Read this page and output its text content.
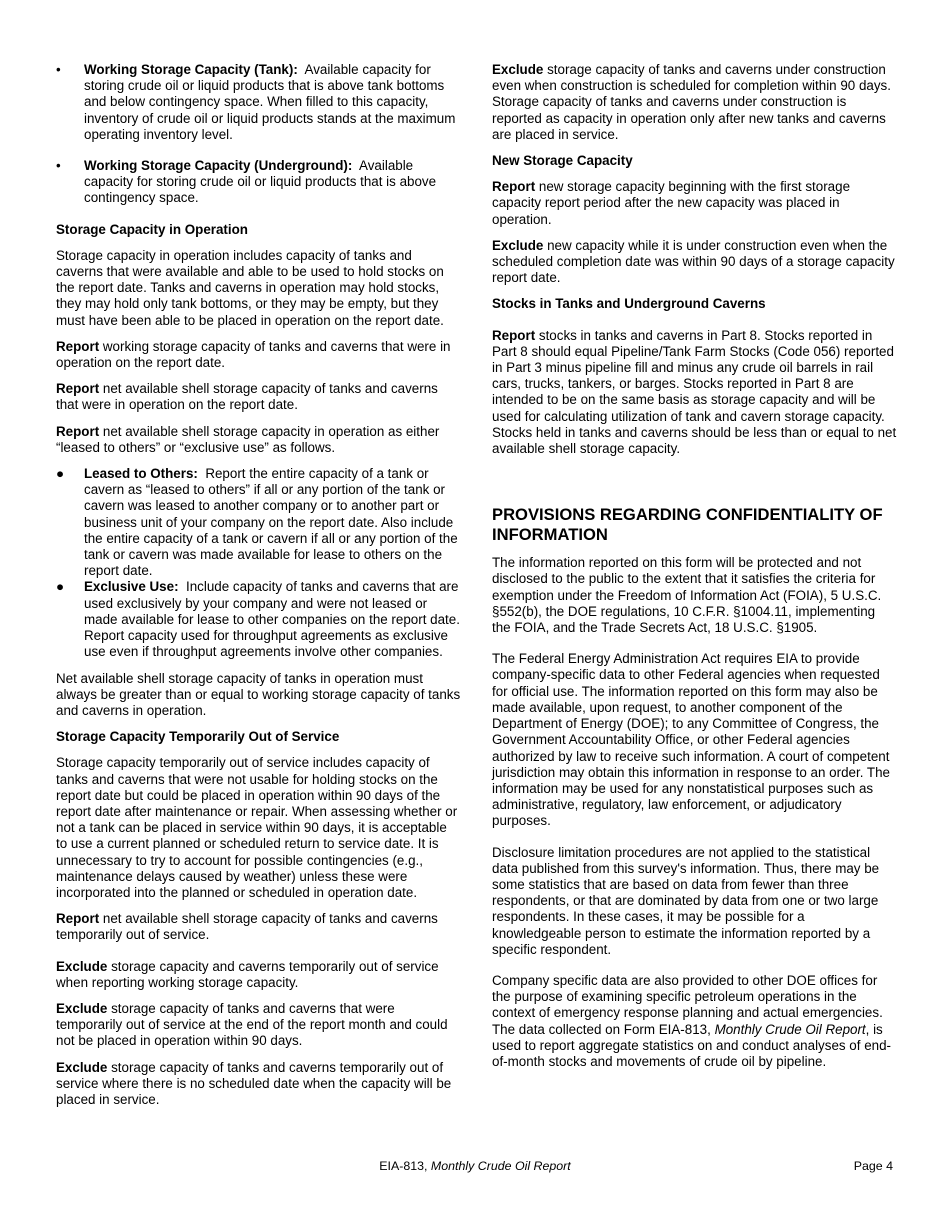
• Working Storage Capacity (Tank): Available capacity for storing crude oil or liquid products that is above tank bottoms and below contingency space. When filled to this capacity, inventory of crude oil or liquid products stands at the maximum operating inventory level.
• Working Storage Capacity (Underground): Available capacity for storing crude oil or liquid products that is above contingency space.
Storage Capacity in Operation

Storage capacity in operation includes capacity of tanks and caverns that were available and able to be used to hold stocks on the report date. Tanks and caverns in operation may hold stocks, they may hold only tank bottoms, or they may be empty, but they must have been able to be placed in operation on the report date.

Report working storage capacity of tanks and caverns that were in operation on the report date.

Report net available shell storage capacity of tanks and caverns that were in operation on the report date.

Report net available shell storage capacity in operation as either “leased to others” or “exclusive use” as follows.

● Leased to Others: Report the entire capacity of a tank or cavern as “leased to others” if all or any portion of the tank or cavern was leased to another company or to another part or business unit of your company on the report date. Also include the entire capacity of a tank or cavern if all or any portion of the tank or cavern was made available for lease to others on the report date.
● Exclusive Use: Include capacity of tanks and caverns that are used exclusively by your company and were not leased or made available for lease to other companies on the report date. Report capacity used for throughput agreements as exclusive use even if throughput agreements involve other companies.

Net available shell storage capacity of tanks in operation must always be greater than or equal to working storage capacity of tanks and caverns in operation.

Storage Capacity Temporarily Out of Service

Storage capacity temporarily out of service includes capacity of tanks and caverns that were not usable for holding stocks on the report date but could be placed in operation within 90 days of the report date after maintenance or repair. When assessing whether or not a tank can be placed in service within 90 days, it is acceptable to use a current planned or scheduled return to service date. It is unnecessary to try to account for possible contingencies (e.g., maintenance delays caused by weather) unless these were incorporated into the planned or scheduled in operation date.

Report net available shell storage capacity of tanks and caverns temporarily out of service.

Exclude storage capacity and caverns temporarily out of service when reporting working storage capacity.

Exclude storage capacity of tanks and caverns that were temporarily out of service at the end of the report month and could not be placed in operation within 90 days.

Exclude storage capacity of tanks and caverns temporarily out of service where there is no scheduled date when the capacity will be placed in service.

Exclude storage capacity of tanks and caverns under construction even when construction is scheduled for completion within 90 days. Storage capacity of tanks and caverns under construction is reported as capacity in operation only after new tanks and caverns are placed in service.

New Storage Capacity

Report new storage capacity beginning with the first storage capacity report period after the new capacity was placed in operation.

Exclude new capacity while it is under construction even when the scheduled completion date was within 90 days of a storage capacity report date.

Stocks in Tanks and Underground Caverns

Report stocks in tanks and caverns in Part 8. Stocks reported in Part 8 should equal Pipeline/Tank Farm Stocks (Code 056) reported in Part 3 minus pipeline fill and minus any crude oil barrels in rail cars, trucks, tankers, or barges. Stocks reported in Part 8 are intended to be on the same basis as storage capacity and will be used for calculating utilization of tank and cavern storage capacity. Stocks held in tanks and caverns should be less than or equal to net available shell storage capacity.

PROVISIONS REGARDING CONFIDENTIALITY OF INFORMATION

The information reported on this form will be protected and not disclosed to the public to the extent that it satisfies the criteria for exemption under the Freedom of Information Act (FOIA), 5 U.S.C. §552(b), the DOE regulations, 10 C.F.R. §1004.11, implementing the FOIA, and the Trade Secrets Act, 18 U.S.C. §1905.

The Federal Energy Administration Act requires EIA to provide company-specific data to other Federal agencies when requested for official use. The information reported on this form may also be made available, upon request, to another component of the Department of Energy (DOE); to any Committee of Congress, the Government Accountability Office, or other Federal agencies authorized by law to receive such information. A court of competent jurisdiction may obtain this information in response to an order. The information may be used for any nonstatistical purposes such as administrative, regulatory, law enforcement, or adjudicatory purposes.

Disclosure limitation procedures are not applied to the statistical data published from this survey's information. Thus, there may be some statistics that are based on data from fewer than three respondents, or that are dominated by data from one or two large respondents. In these cases, it may be possible for a knowledgeable person to estimate the information reported by a specific respondent.

Company specific data are also provided to other DOE offices for the purpose of examining specific petroleum operations in the context of emergency response planning and actual emergencies. The data collected on Form EIA-813, Monthly Crude Oil Report, is used to report aggregate statistics on and conduct analyses of end-of-month stocks and movements of crude oil by pipeline.

EIA-813, Monthly Crude Oil Report	Page 4
